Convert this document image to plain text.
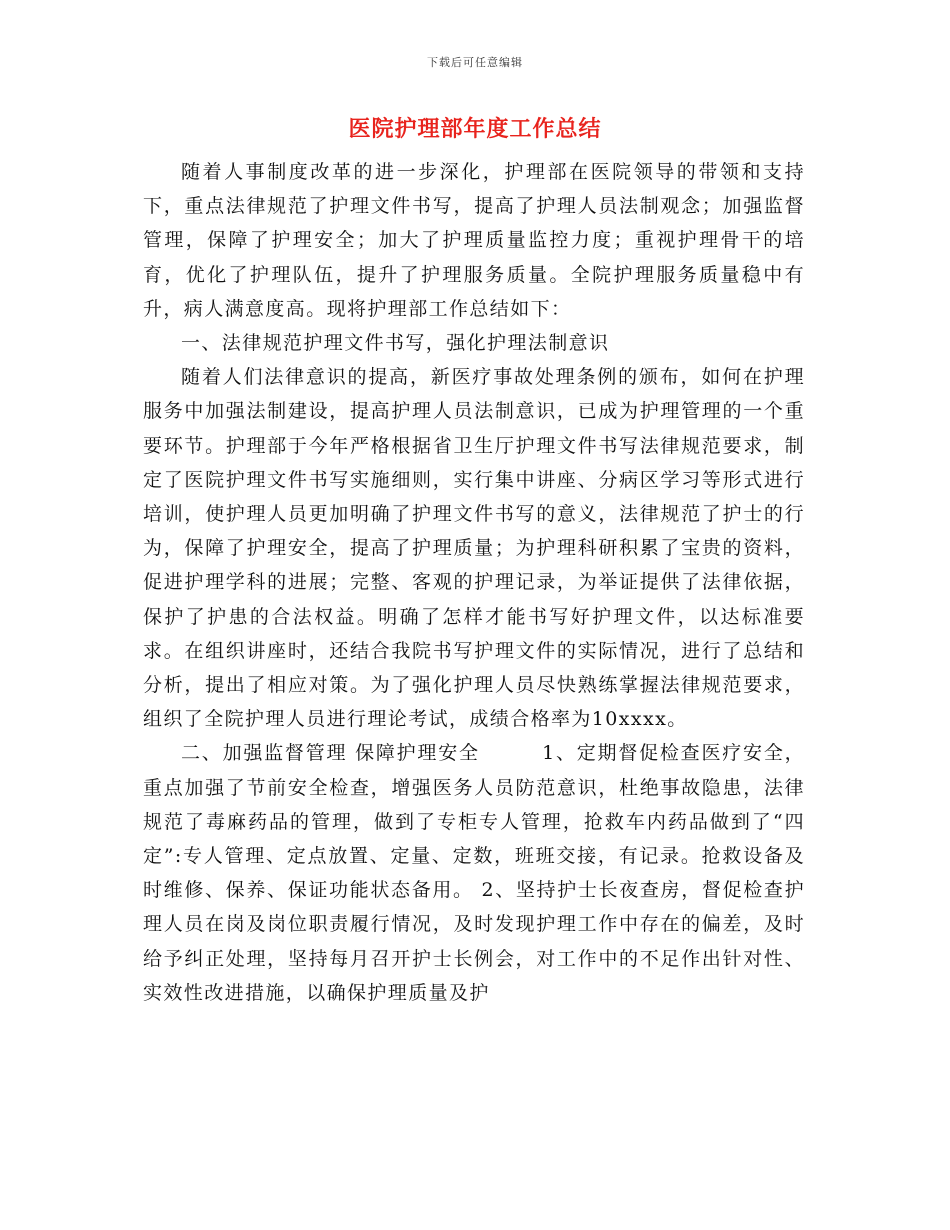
下载后可任意编辑
医院护理部年度工作总结

随着人事制度改革的进一步深化，护理部在医院领导的带领和支持下，重点法律规范了护理文件书写，提高了护理人员法制观念；加强监督管理，保障了护理安全；加大了护理质量监控力度；重视护理骨干的培育，优化了护理队伍，提升了护理服务质量。全院护理服务质量稳中有升，病人满意度高。现将护理部工作总结如下：

一、法律规范护理文件书写，强化护理法制意识

随着人们法律意识的提高，新医疗事故处理条例的颁布，如何在护理服务中加强法制建设，提高护理人员法制意识，已成为护理管理的一个重要环节。护理部于今年严格根据省卫生厅护理文件书写法律规范要求，制定了医院护理文件书写实施细则，实行集中讲座、分病区学习等形式进行培训，使护理人员更加明确了护理文件书写的意义，法律规范了护士的行为，保障了护理安全，提高了护理质量；为护理科研积累了宝贵的资料，促进护理学科的进展；完整、客观的护理记录，为举证提供了法律依据，保护了护患的合法权益。明确了怎样才能书写好护理文件，以达标准要求。在组织讲座时，还结合我院书写护理文件的实际情况，进行了总结和分析，提出了相应对策。为了强化护理人员尽快熟练掌握法律规范要求，组织了全院护理人员进行理论考试，成绩合格率为10xxxx。

二、加强监督管理 保障护理安全　　　1、定期督促检查医疗安全，重点加强了节前安全检查，增强医务人员防范意识，杜绝事故隐患，法律规范了毒麻药品的管理，做到了专柜专人管理，抢救车内药品做到了“四定”:专人管理、定点放置、定量、定数，班班交接，有记录。抢救设备及时维修、保养、保证功能状态备用。 2、坚持护士长夜查房，督促检查护理人员在岗及岗位职责履行情况，及时发现护理工作中存在的偏差，及时给予纠正处理，坚持每月召开护士长例会，对工作中的不足作出针对性、实效性改进措施，以确保护理质量及护
